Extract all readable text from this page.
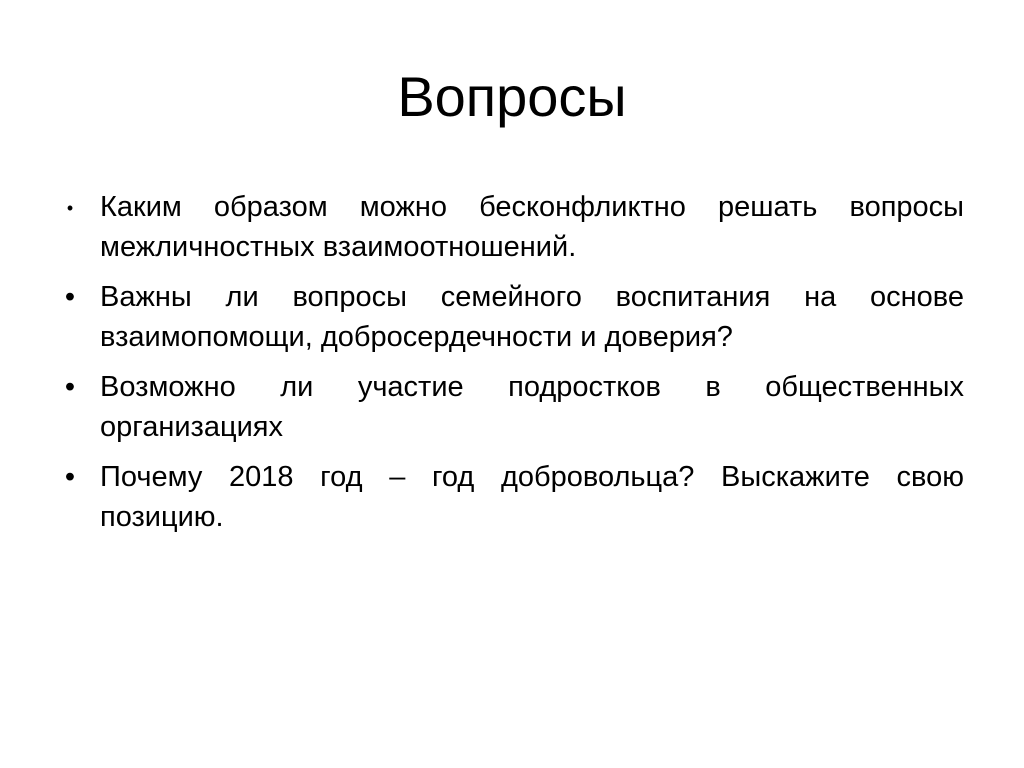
Вопросы
• Каким образом можно бесконфликтно решать вопросы межличностных взаимоотношений.
• Важны ли вопросы семейного воспитания на основе взаимопомощи, добросердечности и доверия?
• Возможно ли участие подростков в общественных организациях
• Почему 2018 год – год добровольца? Выскажите свою позицию.
